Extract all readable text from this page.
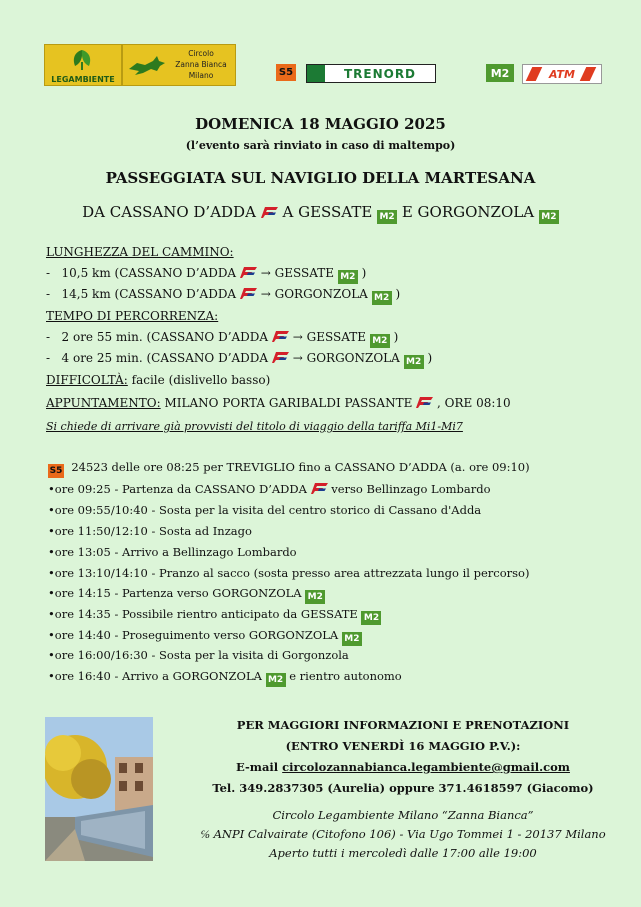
LEGAMBIENTE
Circolo
Zanna Bianca
Milano	S5	TRENORD	M2	ATM
DOMENICA 18 MAGGIO 2025
(l’evento sarà rinviato in caso di maltempo)
PASSEGGIATA SUL NAVIGLIO DELLA MARTESANA
DA CASSANO D’ADDA A GESSATE M2 E GORGONZOLA M2
LUNGHEZZA DEL CAMMINO:
- 10,5 km (CASSANO D’ADDA → GESSATE M2 )
- 14,5 km (CASSANO D’ADDA → GORGONZOLA M2 )
TEMPO DI PERCORRENZA:
- 2 ore 55 min. (CASSANO D’ADDA → GESSATE M2 )
- 4 ore 25 min. (CASSANO D’ADDA → GORGONZOLA M2 )
DIFFICOLTÀ: facile (dislivello basso)
APPUNTAMENTO: MILANO PORTA GARIBALDI PASSANTE , ORE 08:10
Si chiede di arrivare già provvisti del titolo di viaggio della tariffa Mi1-Mi7
S5 24523 delle ore 08:25 per TREVIGLIO fino a CASSANO D’ADDA (a. ore 09:10)
•ore 09:25 - Partenza da CASSANO D’ADDA verso Bellinzago Lombardo
•ore 09:55/10:40 - Sosta per la visita del centro storico di Cassano d'Adda
•ore 11:50/12:10 - Sosta ad Inzago
•ore 13:05 - Arrivo a Bellinzago Lombardo
•ore 13:10/14:10 - Pranzo al sacco (sosta presso area attrezzata lungo il percorso)
•ore 14:15 - Partenza verso GORGONZOLA M2
•ore 14:35 - Possibile rientro anticipato da GESSATE M2
•ore 14:40 - Proseguimento verso GORGONZOLA M2
•ore 16:00/16:30 - Sosta per la visita di Gorgonzola
•ore 16:40 - Arrivo a GORGONZOLA M2 e rientro autonomo
PER MAGGIORI INFORMAZIONI E PRENOTAZIONI
(ENTRO VENERDÌ 16 MAGGIO P.V.):
E-mail circolozannabianca.legambiente@gmail.com
Tel. 349.2837305 (Aurelia) oppure 371.4618597 (Giacomo)
Circolo Legambiente Milano “Zanna Bianca”
℅ ANPI Calvairate (Citofono 106) - Via Ugo Tommei 1 - 20137 Milano
Aperto tutti i mercoledì dalle 17:00 alle 19:00
